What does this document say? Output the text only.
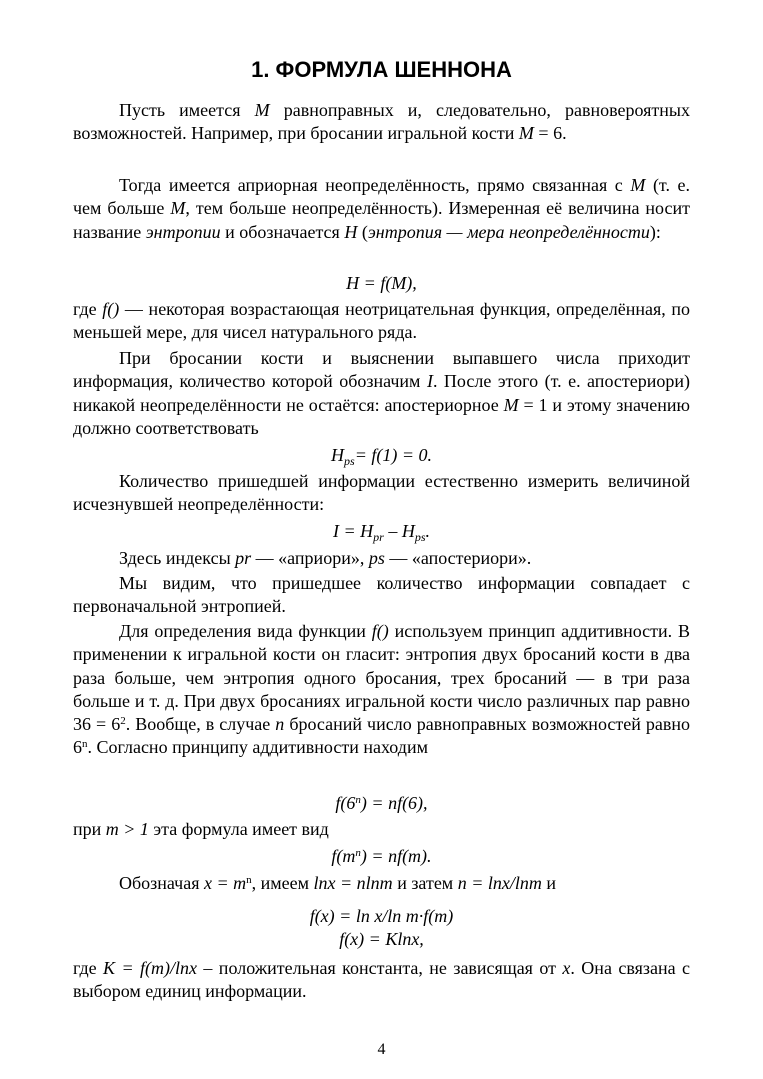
1. ФОРМУЛА ШЕННОНА

Пусть имеется M равноправных и, следовательно, равновероятных возможностей. Например, при бросании игральной кости M = 6.

Тогда имеется априорная неопределённость, прямо связанная с M (т. е. чем больше M, тем больше неопределённость). Измеренная её величина носит название энтропии и обозначается H (энтропия — мера неопределённости):

H = f(M),

где f() — некоторая возрастающая неотрицательная функция, определённая, по меньшей мере, для чисел натурального ряда.

При бросании кости и выяснении выпавшего числа приходит информация, количество которой обозначим I. После этого (т. е. апостериори) никакой неопределённости не остаётся: апостериорное M = 1 и этому значению должно соответствовать

$H_{ps}= f(1) = 0$.

Количество пришедшей информации естественно измерить величиной исчезнувшей неопределённости:

$I = H_{pr} - H_{ps}$.

Здесь индексы pr — «априори», ps — «апостериори».

Мы видим, что пришедшее количество информации совпадает с первоначальной энтропией.

Для определения вида функции f() используем принцип аддитивности. В применении к игральной кости он гласит: энтропия двух бросаний кости в два раза больше, чем энтропия одного бросания, трех бросаний — в три раза больше и т. д. При двух бросаниях игральной кости число различных пар равно $36 = 6^2$. Вообще, в случае n бросаний число равноправных возможностей равно 6$^n$. Согласно принципу аддитивности находим

$f(6^n) = nf(6)$,

при m > 1 эта формула имеет вид

$f(m^n) = nf(m)$.

Обозначая $x = m^n$, имеем lnx = nlnm и затем n = lnx/lnm и

f(x) = ln x/ln m·f(m)

f(x) = Klnx,

где K = f(m)/lnx – положительная константа, не зависящая от x. Она связана с выбором единиц информации.

4
